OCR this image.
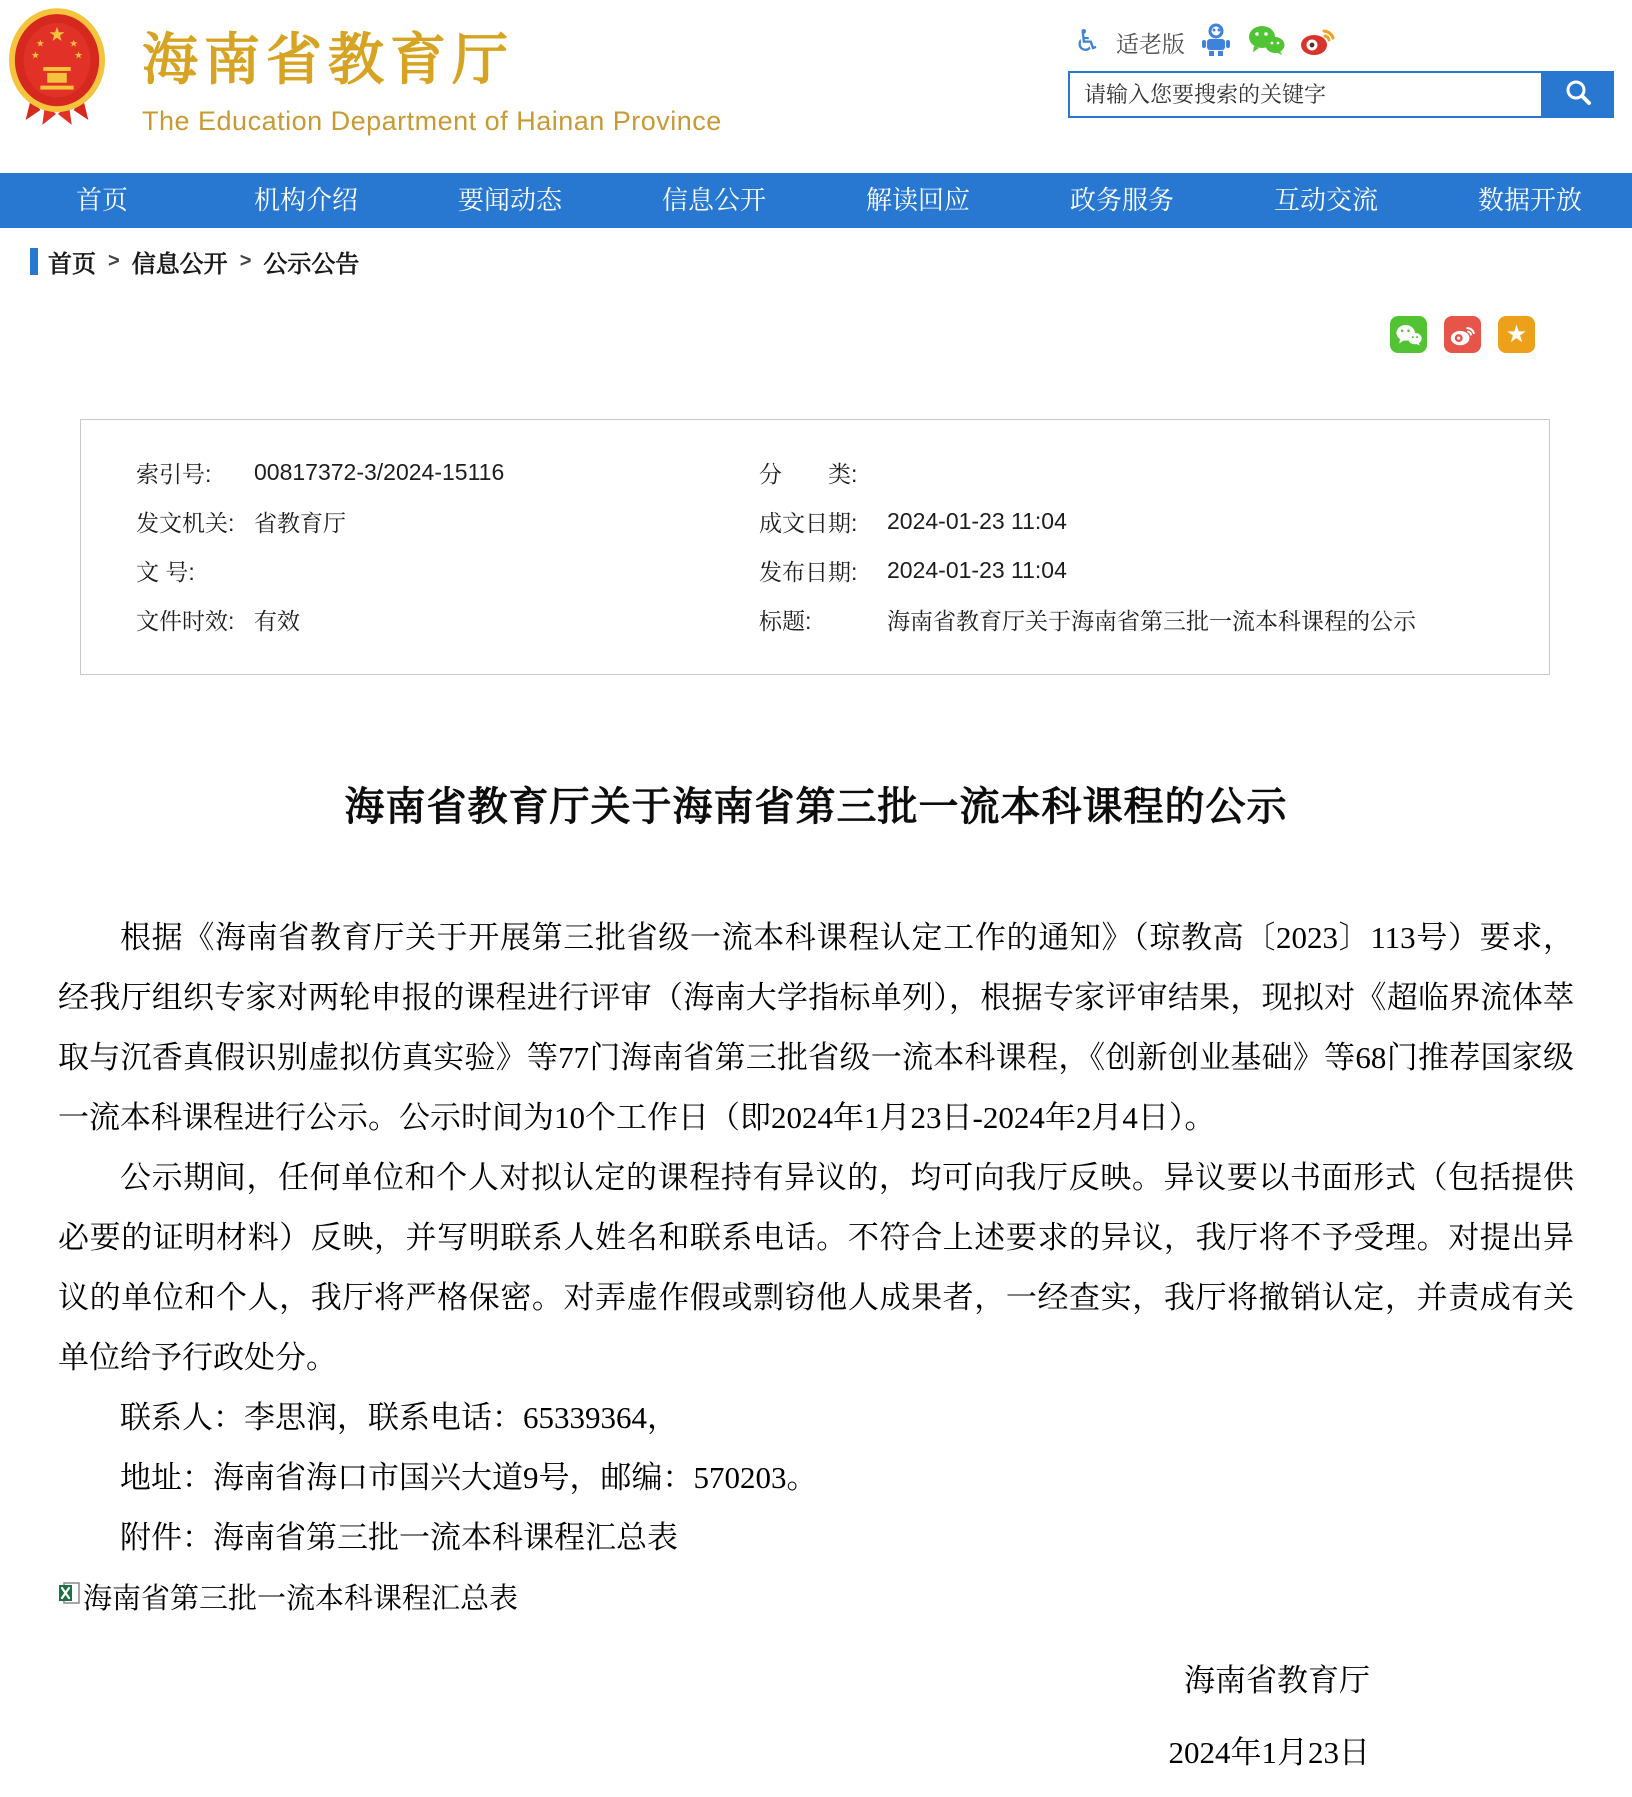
海南省教育厅
The Education Department of Hainan Province
♿ 适老版
请输入您要搜索的关键字
首页	机构介绍	要闻动态	信息公开	解读回应	政务服务	互动交流	数据开放
首页 > 信息公开 > 公示公告
★
索引号:	00817372-3/2024-15116	分　　类:
发文机关: 省教育厅	成文日期:	2024-01-23 11:04
文 号:	发布日期:	2024-01-23 11:04
文件时效: 有效	标题:	海南省教育厅关于海南省第三批一流本科课程的公示
海南省教育厅关于海南省第三批一流本科课程的公示

根据《海南省教育厅关于开展第三批省级一流本科课程认定工作的通知》（琼教高〔2023〕113号）要求，经我厅组织专家对两轮申报的课程进行评审（海南大学指标单列），根据专家评审结果，现拟对《超临界流体萃取与沉香真假识别虚拟仿真实验》等77门海南省第三批省级一流本科课程，《创新创业基础》等68门推荐国家级一流本科课程进行公示。公示时间为10个工作日（即2024年1月23日-2024年2月4日）。

公示期间，任何单位和个人对拟认定的课程持有异议的，均可向我厅反映。异议要以书面形式（包括提供必要的证明材料）反映，并写明联系人姓名和联系电话。不符合上述要求的异议，我厅将不予受理。对提出异议的单位和个人，我厅将严格保密。对弄虚作假或剽窃他人成果者，一经查实，我厅将撤销认定，并责成有关单位给予行政处分。

联系人：李思润，联系电话：65339364，

地址：海南省海口市国兴大道9号，邮编：570203。

附件：海南省第三批一流本科课程汇总表

海南省第三批一流本科课程汇总表
海南省教育厅
2024年1月23日
